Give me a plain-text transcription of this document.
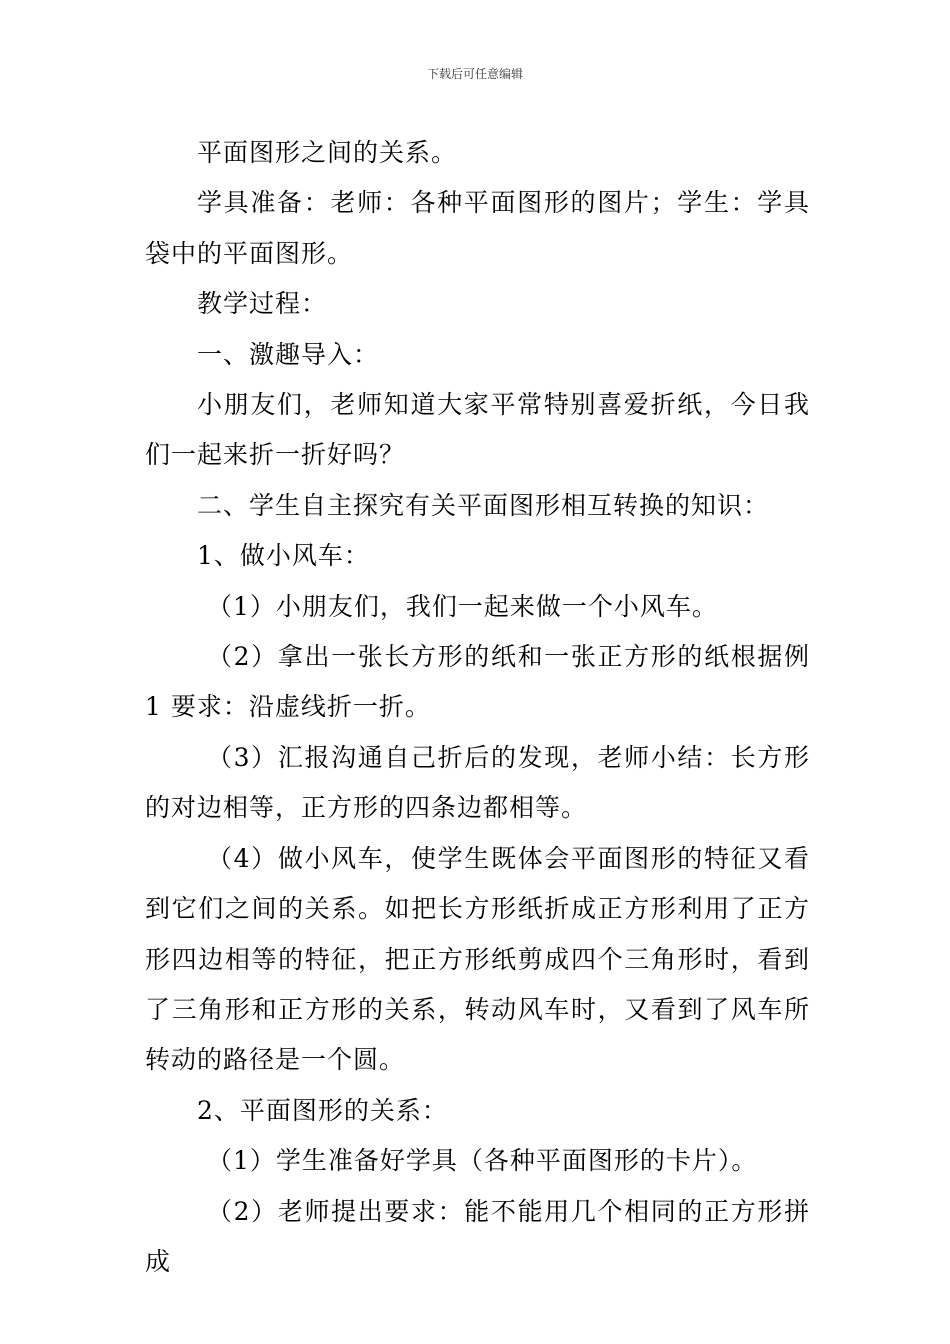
下载后可任意编辑

平面图形之间的关系。

学具准备：老师：各种平面图形的图片；学生：学具袋中的平面图形。

教学过程：

一、激趣导入：

小朋友们，老师知道大家平常特别喜爱折纸，今日我们一起来折一折好吗？

二、学生自主探究有关平面图形相互转换的知识：

1、做小风车：

（1）小朋友们，我们一起来做一个小风车。

（2）拿出一张长方形的纸和一张正方形的纸根据例 1 要求：沿虚线折一折。

（3）汇报沟通自己折后的发现，老师小结：长方形的对边相等，正方形的四条边都相等。

（4）做小风车，使学生既体会平面图形的特征又看到它们之间的关系。如把长方形纸折成正方形利用了正方形四边相等的特征，把正方形纸剪成四个三角形时，看到了三角形和正方形的关系，转动风车时，又看到了风车所转动的路径是一个圆。

2、平面图形的关系：

（1）学生准备好学具（各种平面图形的卡片）。

（2）老师提出要求：能不能用几个相同的正方形拼成
